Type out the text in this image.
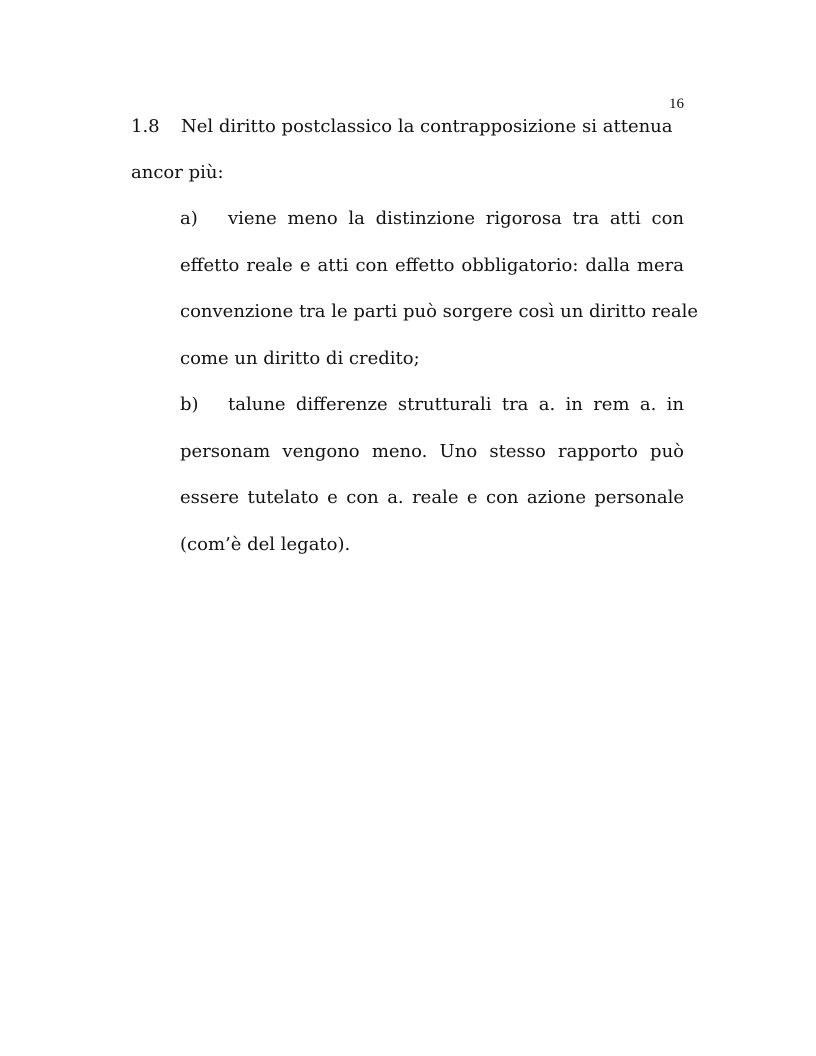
16
1.8 Nel diritto postclassico la contrapposizione si attenua
ancor più:
a) viene meno la distinzione rigorosa tra atti con
effetto reale e atti con effetto obbligatorio: dalla mera
convenzione tra le parti può sorgere così un diritto reale
come un diritto di credito;
b) talune differenze strutturali tra a. in rem a. in
personam vengono meno. Uno stesso rapporto può
essere tutelato e con a. reale e con azione personale
(com’è del legato).
